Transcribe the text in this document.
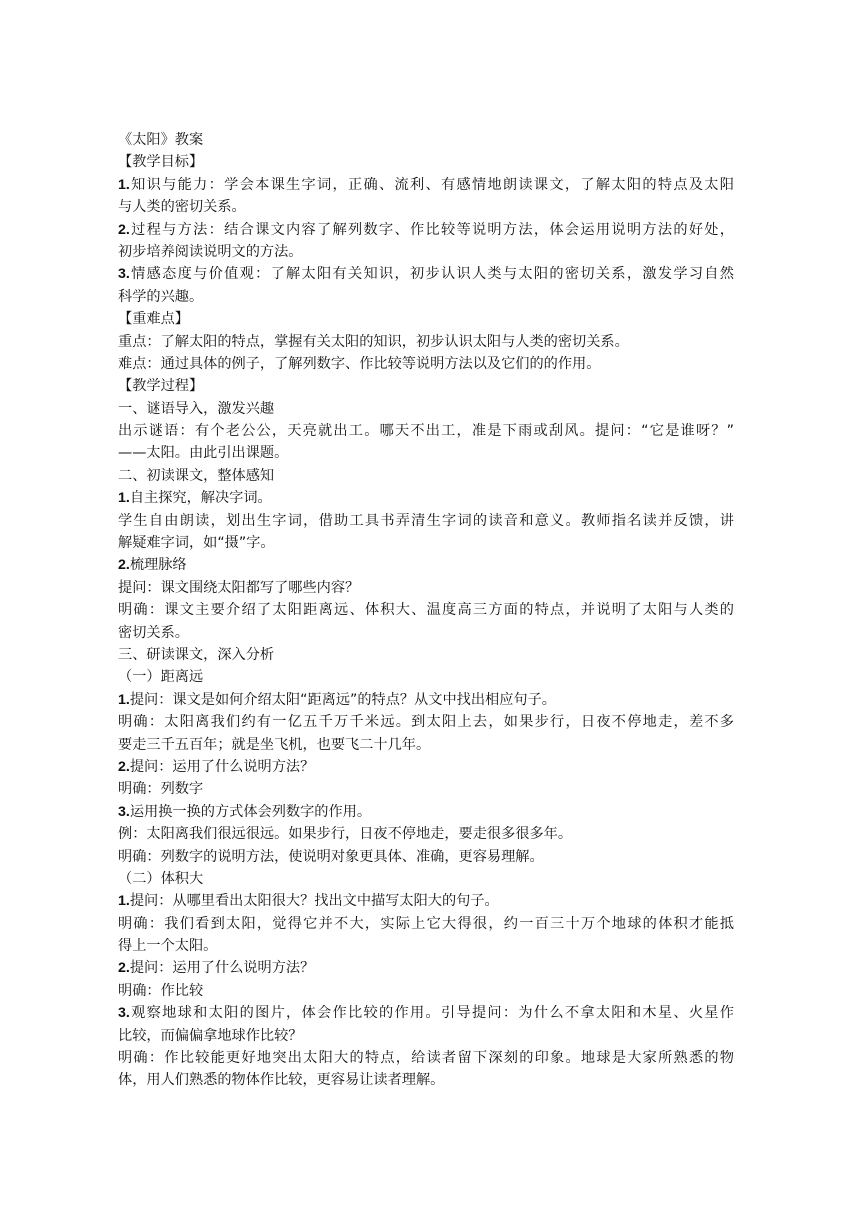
《太阳》教案
【教学目标】
1.知识与能力：学会本课生字词，正确、流利、有感情地朗读课文，了解太阳的特点及太阳
与人类的密切关系。
2.过程与方法：结合课文内容了解列数字、作比较等说明方法，体会运用说明方法的好处，
初步培养阅读说明文的方法。
3.情感态度与价值观：了解太阳有关知识，初步认识人类与太阳的密切关系，激发学习自然
科学的兴趣。
【重难点】
重点：了解太阳的特点，掌握有关太阳的知识，初步认识太阳与人类的密切关系。
难点：通过具体的例子，了解列数字、作比较等说明方法以及它们的的作用。
【教学过程】
一、谜语导入，激发兴趣
出示谜语：有个老公公，天亮就出工。哪天不出工，准是下雨或刮风。提问：“它是谁呀？”
——太阳。由此引出课题。
二、初读课文，整体感知
1.自主探究，解决字词。
学生自由朗读，划出生字词，借助工具书弄清生字词的读音和意义。教师指名读并反馈，讲
解疑难字词，如“摄”字。
2.梳理脉络
提问：课文围绕太阳都写了哪些内容？
明确：课文主要介绍了太阳距离远、体积大、温度高三方面的特点，并说明了太阳与人类的
密切关系。
三、研读课文，深入分析
（一）距离远
1.提问：课文是如何介绍太阳“距离远”的特点？从文中找出相应句子。
明确：太阳离我们约有一亿五千万千米远。到太阳上去，如果步行，日夜不停地走，差不多
要走三千五百年；就是坐飞机，也要飞二十几年。
2.提问：运用了什么说明方法？
明确：列数字
3.运用换一换的方式体会列数字的作用。
例：太阳离我们很远很远。如果步行，日夜不停地走，要走很多很多年。
明确：列数字的说明方法，使说明对象更具体、准确，更容易理解。
（二）体积大
1.提问：从哪里看出太阳很大？找出文中描写太阳大的句子。
明确：我们看到太阳，觉得它并不大，实际上它大得很，约一百三十万个地球的体积才能抵
得上一个太阳。
2.提问：运用了什么说明方法？
明确：作比较
3.观察地球和太阳的图片，体会作比较的作用。引导提问：为什么不拿太阳和木星、火星作
比较，而偏偏拿地球作比较？
明确：作比较能更好地突出太阳大的特点，给读者留下深刻的印象。地球是大家所熟悉的物
体，用人们熟悉的物体作比较，更容易让读者理解。
